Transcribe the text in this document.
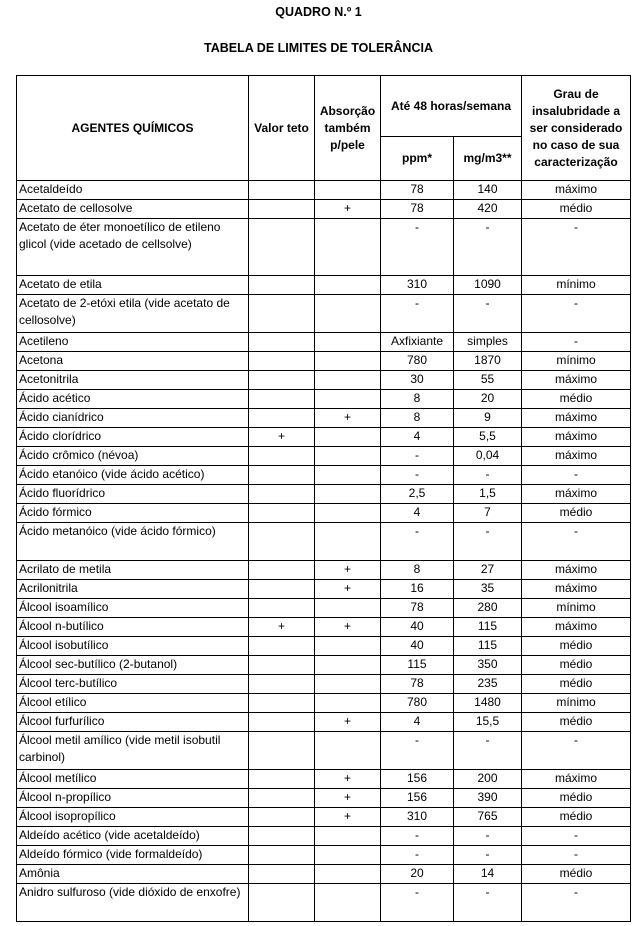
QUADRO N.º 1
TABELA DE LIMITES DE TOLERÂNCIA
AGENTES QUÍMICOS	Valor teto	Absorção também p/pele	Até 48 horas/semana		Grau de insalubridade a ser considerado no caso de sua caracterização
			ppm*	mg/m3**	
Acetaldeído			78	140	máximo
Acetato de cellosolve		+	78	420	médio
Acetato de éter monoetílico de etileno glicol (vide acetado de cellsolve)			-	-	-
Acetato de etila			310	1090	mínimo
Acetato de 2-etóxi etila (vide acetato de cellosolve)			-	-	-
Acetileno			Axfixiante	simples	-
Acetona			780	1870	mínimo
Acetonitrila			30	55	máximo
Ácido acético			8	20	médio
Ácido cianídrico		+	8	9	máximo
Ácido clorídrico	+		4	5,5	máximo
Ácido crômico (névoa)			-	0,04	máximo
Ácido etanóico (vide ácido acético)			-	-	-
Ácido fluorídrico			2,5	1,5	máximo
Ácido fórmico			4	7	médio
Ácido metanóico (vide ácido fórmico)			-	-	-
Acrilato de metila		+	8	27	máximo
Acrilonitrila		+	16	35	máximo
Álcool isoamílico			78	280	mínimo
Álcool n-butílico	+	+	40	115	máximo
Álcool isobutílico			40	115	médio
Álcool sec-butílico (2-butanol)			115	350	médio
Álcool terc-butílico			78	235	médio
Álcool etílico			780	1480	mínimo
Álcool furfurílico		+	4	15,5	médio
Álcool metil amílico (vide metil isobutil carbinol)			-	-	-
Álcool metílico		+	156	200	máximo
Álcool n-propílico		+	156	390	médio
Álcool isopropílico		+	310	765	médio
Aldeído acético (vide acetaldeído)			-	-	-
Aldeído fórmico (vide formaldeído)			-	-	-
Amônia			20	14	médio
Anidro sulfuroso (vide dióxido de enxofre)			-	-	-
